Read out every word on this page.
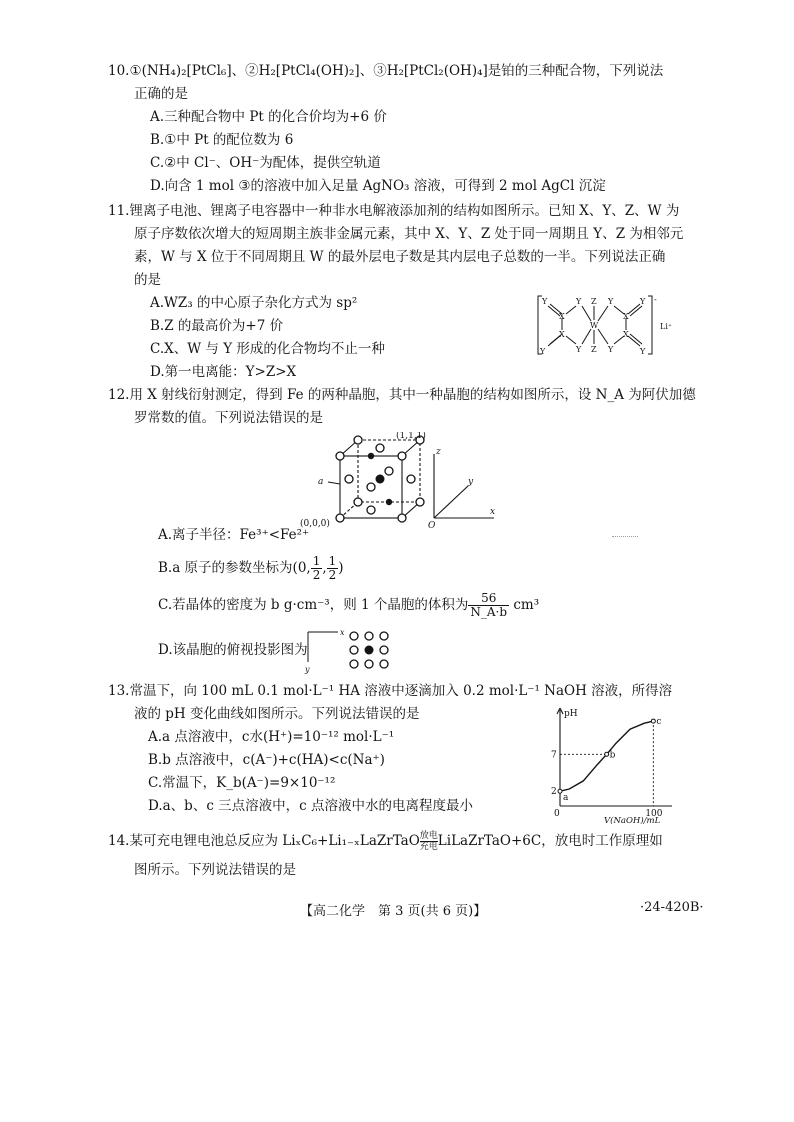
10.①(NH₄)₂[PtCl₆]、②H₂[PtCl₄(OH)₂]、③H₂[PtCl₂(OH)₄]是铂的三种配合物，下列说法
正确的是
A.三种配合物中 Pt 的化合价均为+6 价
B.①中 Pt 的配位数为 6
C.②中 Cl⁻、OH⁻为配体，提供空轨道
D.向含 1 mol ③的溶液中加入足量 AgNO₃ 溶液，可得到 2 mol AgCl 沉淀
11.锂离子电池、锂离子电容器中一种非水电解液添加剂的结构如图所示。已知 X、Y、Z、W 为
原子序数依次增大的短周期主族非金属元素，其中 X、Y、Z 处于同一周期且 Y、Z 为相邻元
素，W 与 X 位于不同周期且 W 的最外层电子数是其内层电子总数的一半。下列说法正确
的是
A.WZ₃ 的中心原子杂化方式为 sp²
B.Z 的最高价为+7 价
C.X、W 与 Y 形成的化合物均不止一种
D.第一电离能：Y>Z>X
-
Li⁺
Y	Y Z Y	Y
X
W
X
Y
X
Y Z Y
X
Y
12.用 X 射线衍射测定，得到 Fe 的两种晶胞，其中一种晶胞的结构如图所示，设 N_A 为阿伏加德
罗常数的值。下列说法错误的是
a
(0,0,0)
(1,1,1)
z
y
x
O
A.离子半径：Fe³⁺<Fe²⁺
B.a 原子的参数坐标为(0, $\frac{1}{2}$ , $\frac{1}{2}$ )
C.若晶体的密度为 b g·cm⁻³，则 1 个晶胞的体积为 $\frac{56}{N\_A\cdot b} cm^3$
D.该晶胞的俯视投影图为
x
y
13.常温下，向 100 mL 0.1 mol·L⁻¹ HA 溶液中逐滴加入 0.2 mol·L⁻¹ NaOH 溶液，所得溶
液的 pH 变化曲线如图所示。下列说法错误的是
A.a 点溶液中，c水(H⁺)=10⁻¹² mol·L⁻¹
B.b 点溶液中，c(A⁻)+c(HA)<c(Na⁺)
C.常温下，K_b(A⁻)=9×10⁻¹²
D.a、b、c 三点溶液中，c 点溶液中水的电离程度最小
pH
2
7
0	100
V(NaOH)/mL
a
b
c
14.某可充电锂电池总反应为 LiₓC₆+Li₁₋ₓLaZrTaO 放电
充电 LiLaZrTaO+6C，放电时工作原理如
图所示。下列说法错误的是
【高二化学　第 3 页(共 6 页)】	·24-420B·
